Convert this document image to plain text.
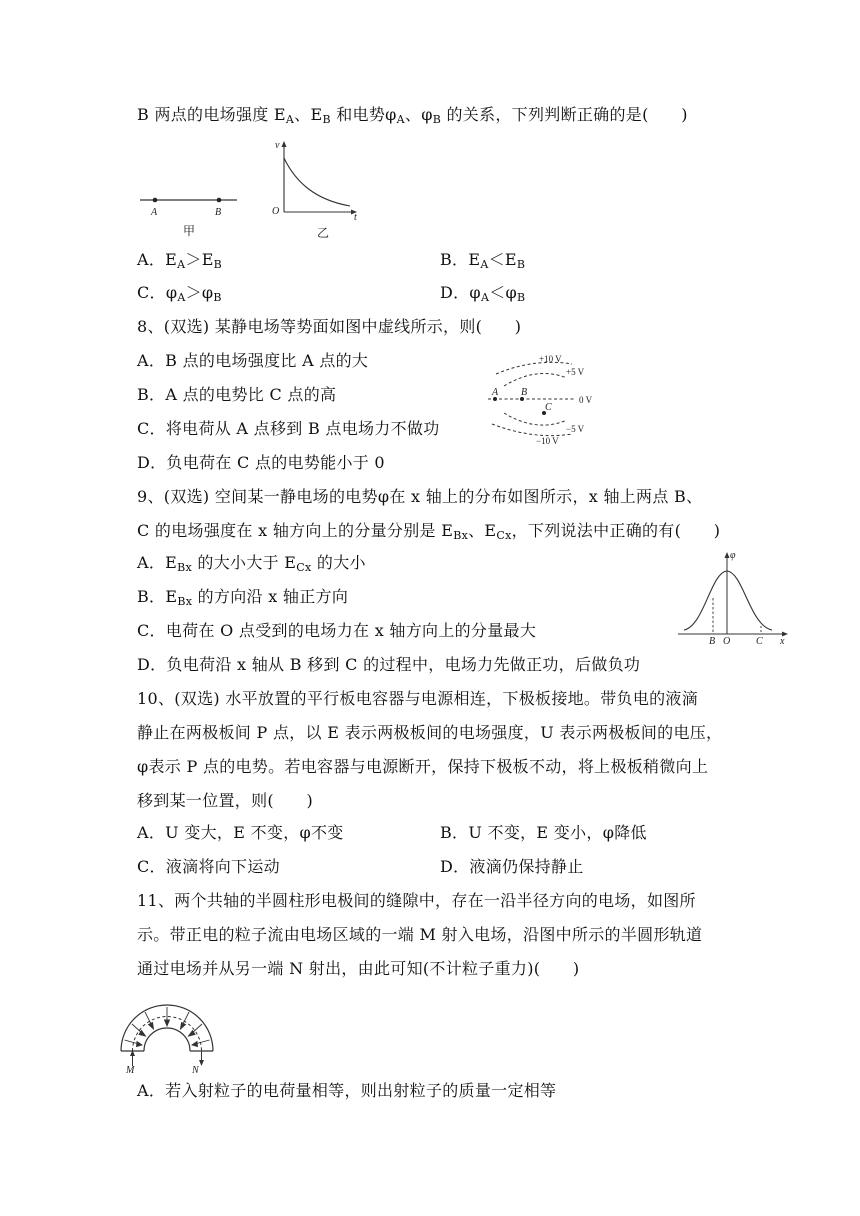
B 两点的电场强度 $E_A$、$E_B$ 和电势$\varphi_A$、$\varphi_B$ 的关系，下列判断正确的是(　　)
A	B
甲
v
t
O
乙
A．$E_A>E_B$	B．$E_A<E_B$
C．$\varphi_A>\varphi_B$	D．$\varphi_A<\varphi_B$
8、(双选) 某静电场等势面如图中虚线所示，则(　　)
A．B 点的电场强度比 A 点的大
B．A 点的电势比 C 点的高
C．将电荷从 A 点移到 B 点电场力不做功
D．负电荷在 C 点的电势能小于 0
+10 V
+5 V
0 V
−5 V
−10 V
A B
C
9、(双选) 空间某一静电场的电势φ在 x 轴上的分布如图所示，x 轴上两点 B、
C 的电场强度在 x 轴方向上的分量分别是 $E_{Bx}$、$E_{Cx}$，下列说法中正确的有(　　)
A．$E_{Bx}$ 的大小大于 $E_{Cx}$ 的大小
B．$E_{Bx}$ 的方向沿 x 轴正方向
C．电荷在 O 点受到的电场力在 x 轴方向上的分量最大
D．负电荷沿 x 轴从 B 移到 C 的过程中，电场力先做正功，后做负功
φ
x
B O	C
10、(双选) 水平放置的平行板电容器与电源相连，下极板接地。带负电的液滴
静止在两极板间 P 点，以 E 表示两极板间的电场强度，U 表示两极板间的电压，
φ表示 P 点的电势。若电容器与电源断开，保持下极板不动，将上极板稍微向上
移到某一位置，则(　　)
A．U 变大，E 不变，φ不变	B．U 不变，E 变小，φ降低
C．液滴将向下运动	D．液滴仍保持静止
11、两个共轴的半圆柱形电极间的缝隙中，存在一沿半径方向的电场，如图所
示。带正电的粒子流由电场区域的一端 M 射入电场，沿图中所示的半圆形轨道
通过电场并从另一端 N 射出，由此可知(不计粒子重力)(　　)
M	N
A．若入射粒子的电荷量相等，则出射粒子的质量一定相等
